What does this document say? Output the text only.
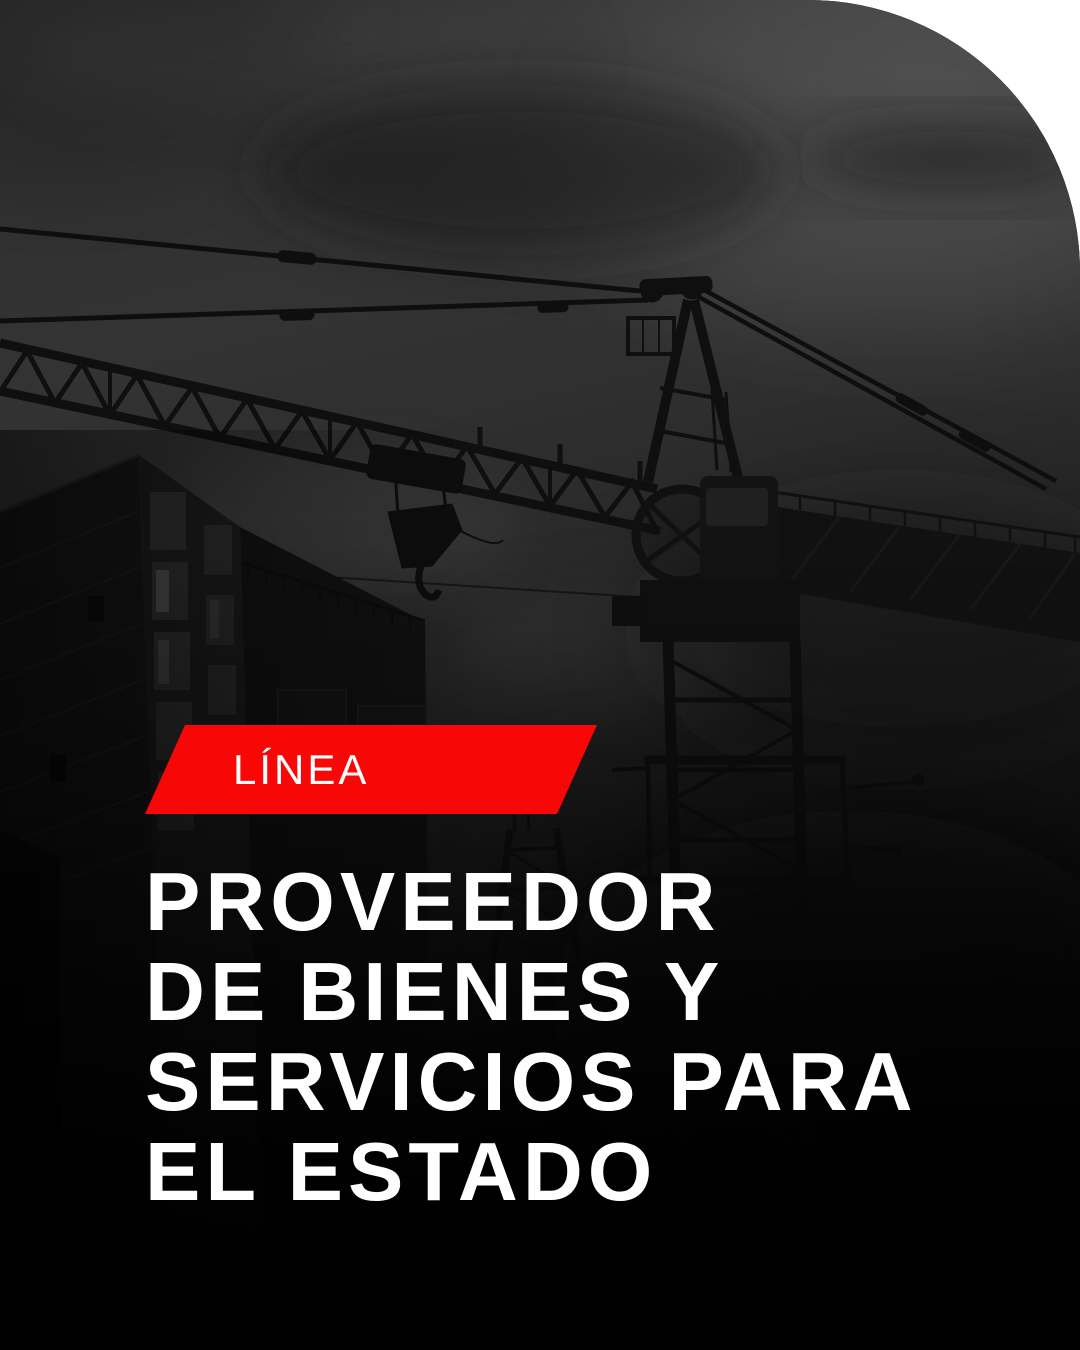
LÍNEA
PROVEEDOR
DE BIENES Y
SERVICIOS PARA
EL ESTADO
